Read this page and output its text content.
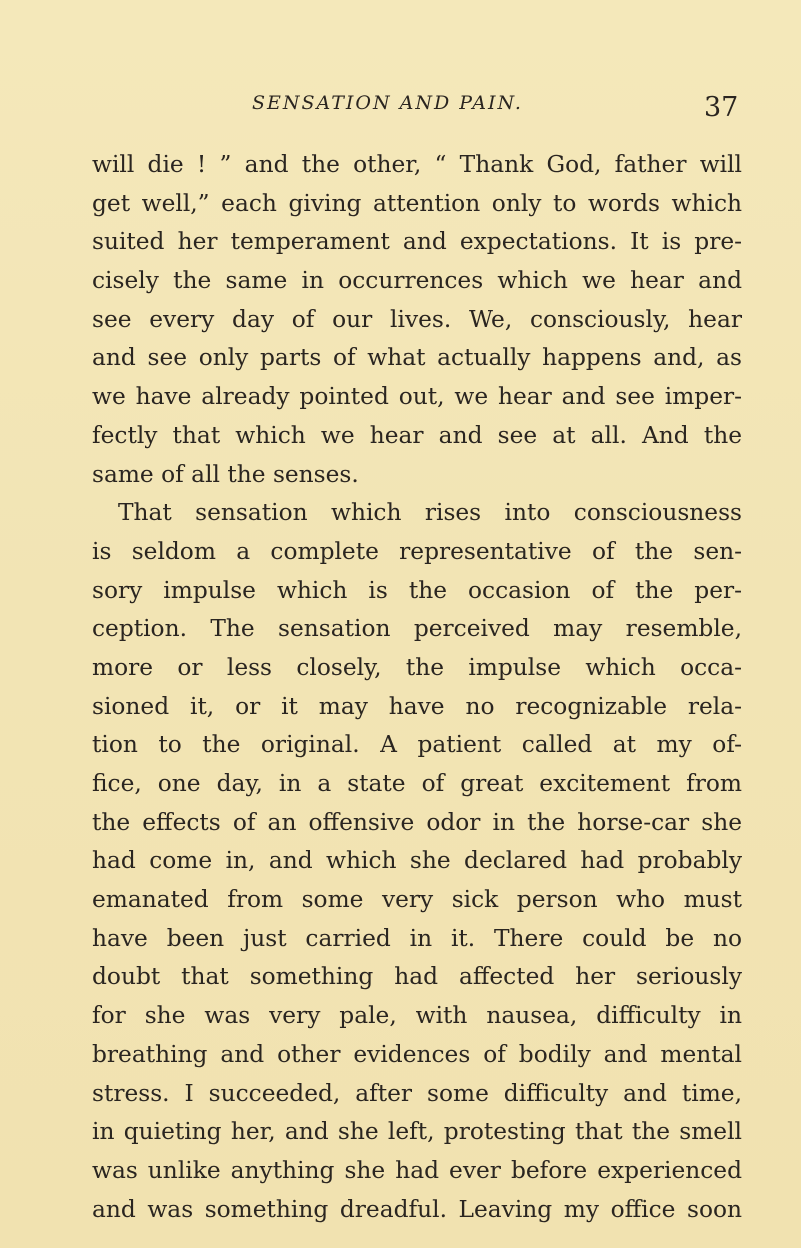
SENSATION AND PAIN.	37
will die ! ” and the other, “ Thank God, father will
get well,” each giving attention only to words which
suited her temperament and expectations. It is pre-
cisely the same in occurrences which we hear and
see every day of our lives. We, consciously, hear
and see only parts of what actually happens and, as
we have already pointed out, we hear and see imper-
fectly that which we hear and see at all. And the
same of all the senses.
That sensation which rises into consciousness
is seldom a complete representative of the sen-
sory impulse which is the occasion of the per-
ception. The sensation perceived may resemble,
more or less closely, the impulse which occa-
sioned it, or it may have no recognizable rela-
tion to the original. A patient called at my of-
fice, one day, in a state of great excitement from
the effects of an offensive odor in the horse-car she
had come in, and which she declared had probably
emanated from some very sick person who must
have been just carried in it. There could be no
doubt that something had affected her seriously
for she was very pale, with nausea, difficulty in
breathing and other evidences of bodily and mental
stress. I succeeded, after some difficulty and time,
in quieting her, and she left, protesting that the smell
was unlike anything she had ever before experienced
and was something dreadful. Leaving my office soon
